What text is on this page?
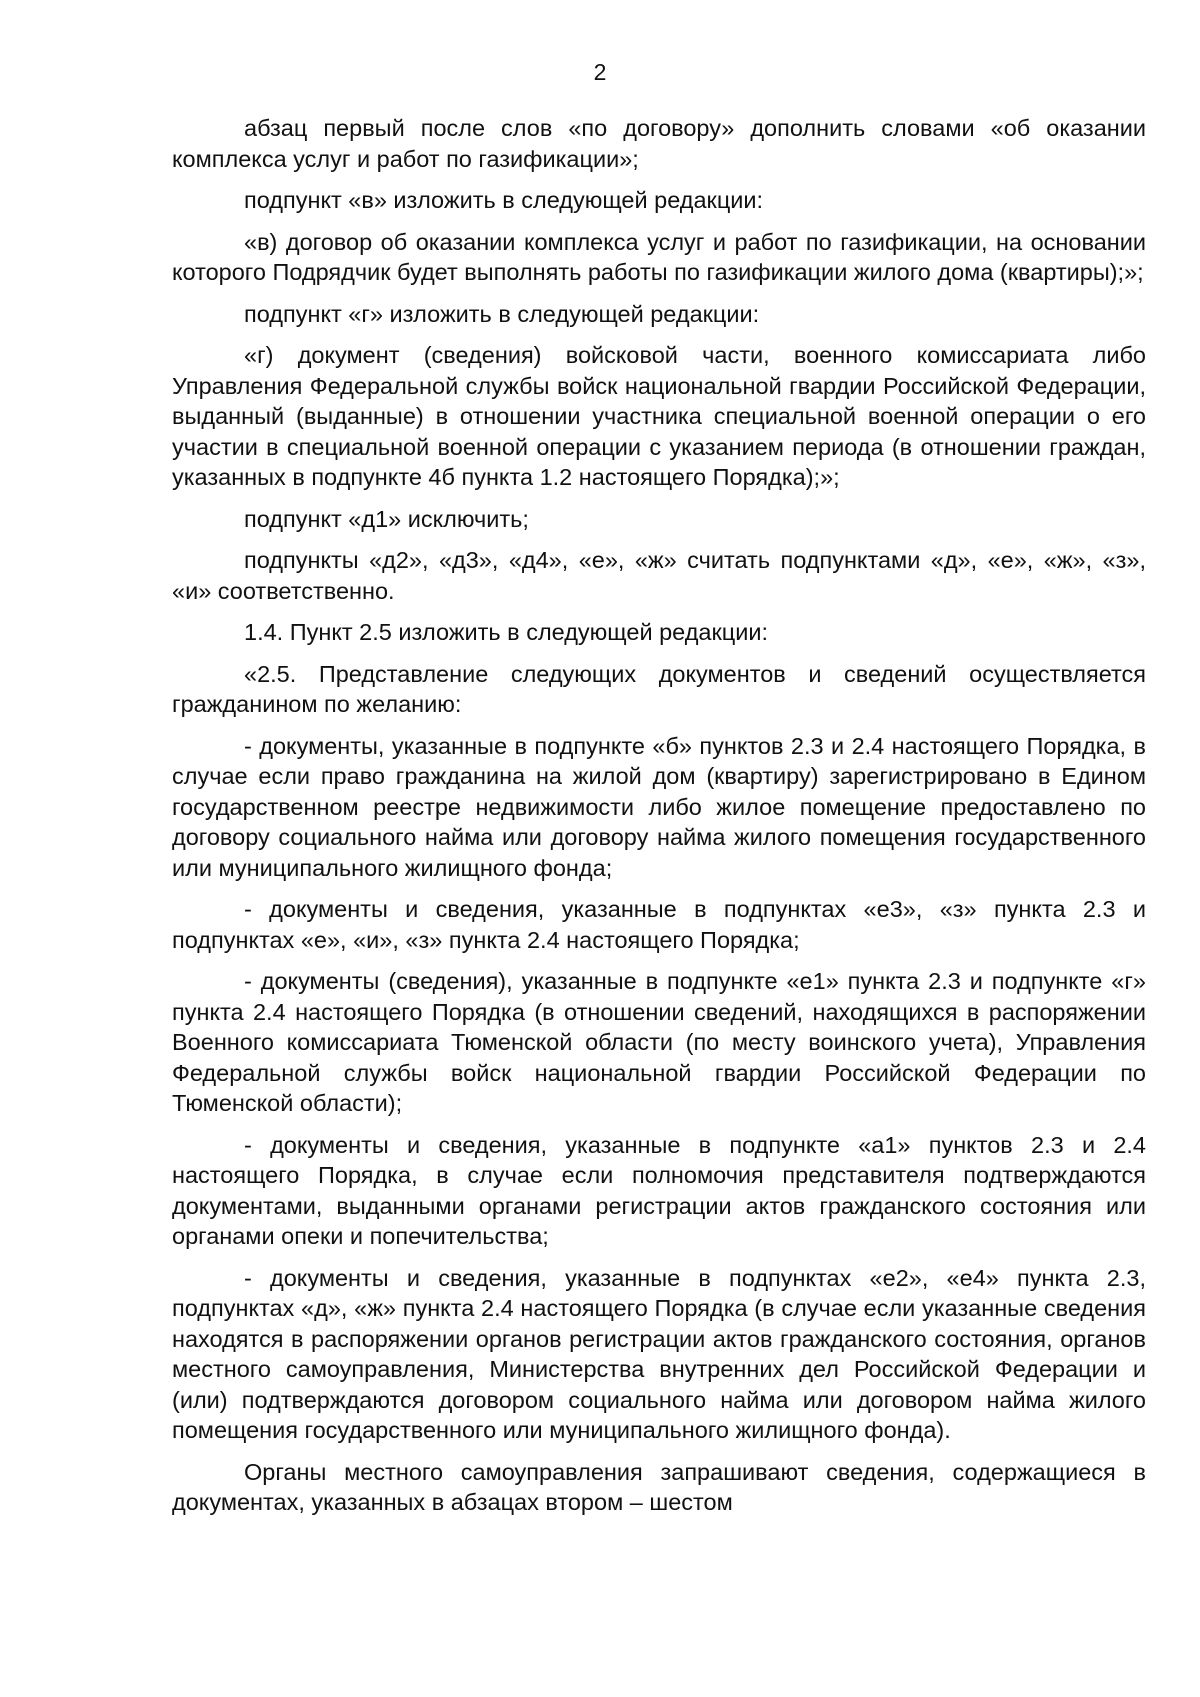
2

абзац первый после слов «по договору» дополнить словами «об оказании комплекса услуг и работ по газификации»;

подпункт «в» изложить в следующей редакции:

«в) договор об оказании комплекса услуг и работ по газификации, на основании которого Подрядчик будет выполнять работы по газификации жилого дома (квартиры);»;

подпункт «г» изложить в следующей редакции:

«г) документ (сведения) войсковой части, военного комиссариата либо Управления Федеральной службы войск национальной гвардии Российской Федерации, выданный (выданные) в отношении участника специальной военной операции о его участии в специальной военной операции с указанием периода (в отношении граждан, указанных в подпункте 4б пункта 1.2 настоящего Порядка);»;

подпункт «д1» исключить;

подпункты «д2», «д3», «д4», «е», «ж» считать подпунктами «д», «е», «ж», «з», «и» соответственно.

1.4. Пункт 2.5 изложить в следующей редакции:

«2.5. Представление следующих документов и сведений осуществляется гражданином по желанию:

- документы, указанные в подпункте «б» пунктов 2.3 и 2.4 настоящего Порядка, в случае если право гражданина на жилой дом (квартиру) зарегистрировано в Едином государственном реестре недвижимости либо жилое помещение предоставлено по договору социального найма или договору найма жилого помещения государственного или муниципального жилищного фонда;

- документы и сведения, указанные в подпунктах «е3», «з» пункта 2.3 и подпунктах «е», «и», «з» пункта 2.4 настоящего Порядка;

- документы (сведения), указанные в подпункте «е1» пункта 2.3 и подпункте «г» пункта 2.4 настоящего Порядка (в отношении сведений, находящихся в распоряжении Военного комиссариата Тюменской области (по месту воинского учета), Управления Федеральной службы войск национальной гвардии Российской Федерации по Тюменской области);

- документы и сведения, указанные в подпункте «а1» пунктов 2.3 и 2.4 настоящего Порядка, в случае если полномочия представителя подтверждаются документами, выданными органами регистрации актов гражданского состояния или органами опеки и попечительства;

- документы и сведения, указанные в подпунктах «е2», «е4» пункта 2.3, подпунктах «д», «ж» пункта 2.4 настоящего Порядка (в случае если указанные сведения находятся в распоряжении органов регистрации актов гражданского состояния, органов местного самоуправления, Министерства внутренних дел Российской Федерации и (или) подтверждаются договором социального найма или договором найма жилого помещения государственного или муниципального жилищного фонда).

Органы местного самоуправления запрашивают сведения, содержащиеся в документах, указанных в абзацах втором – шестом
